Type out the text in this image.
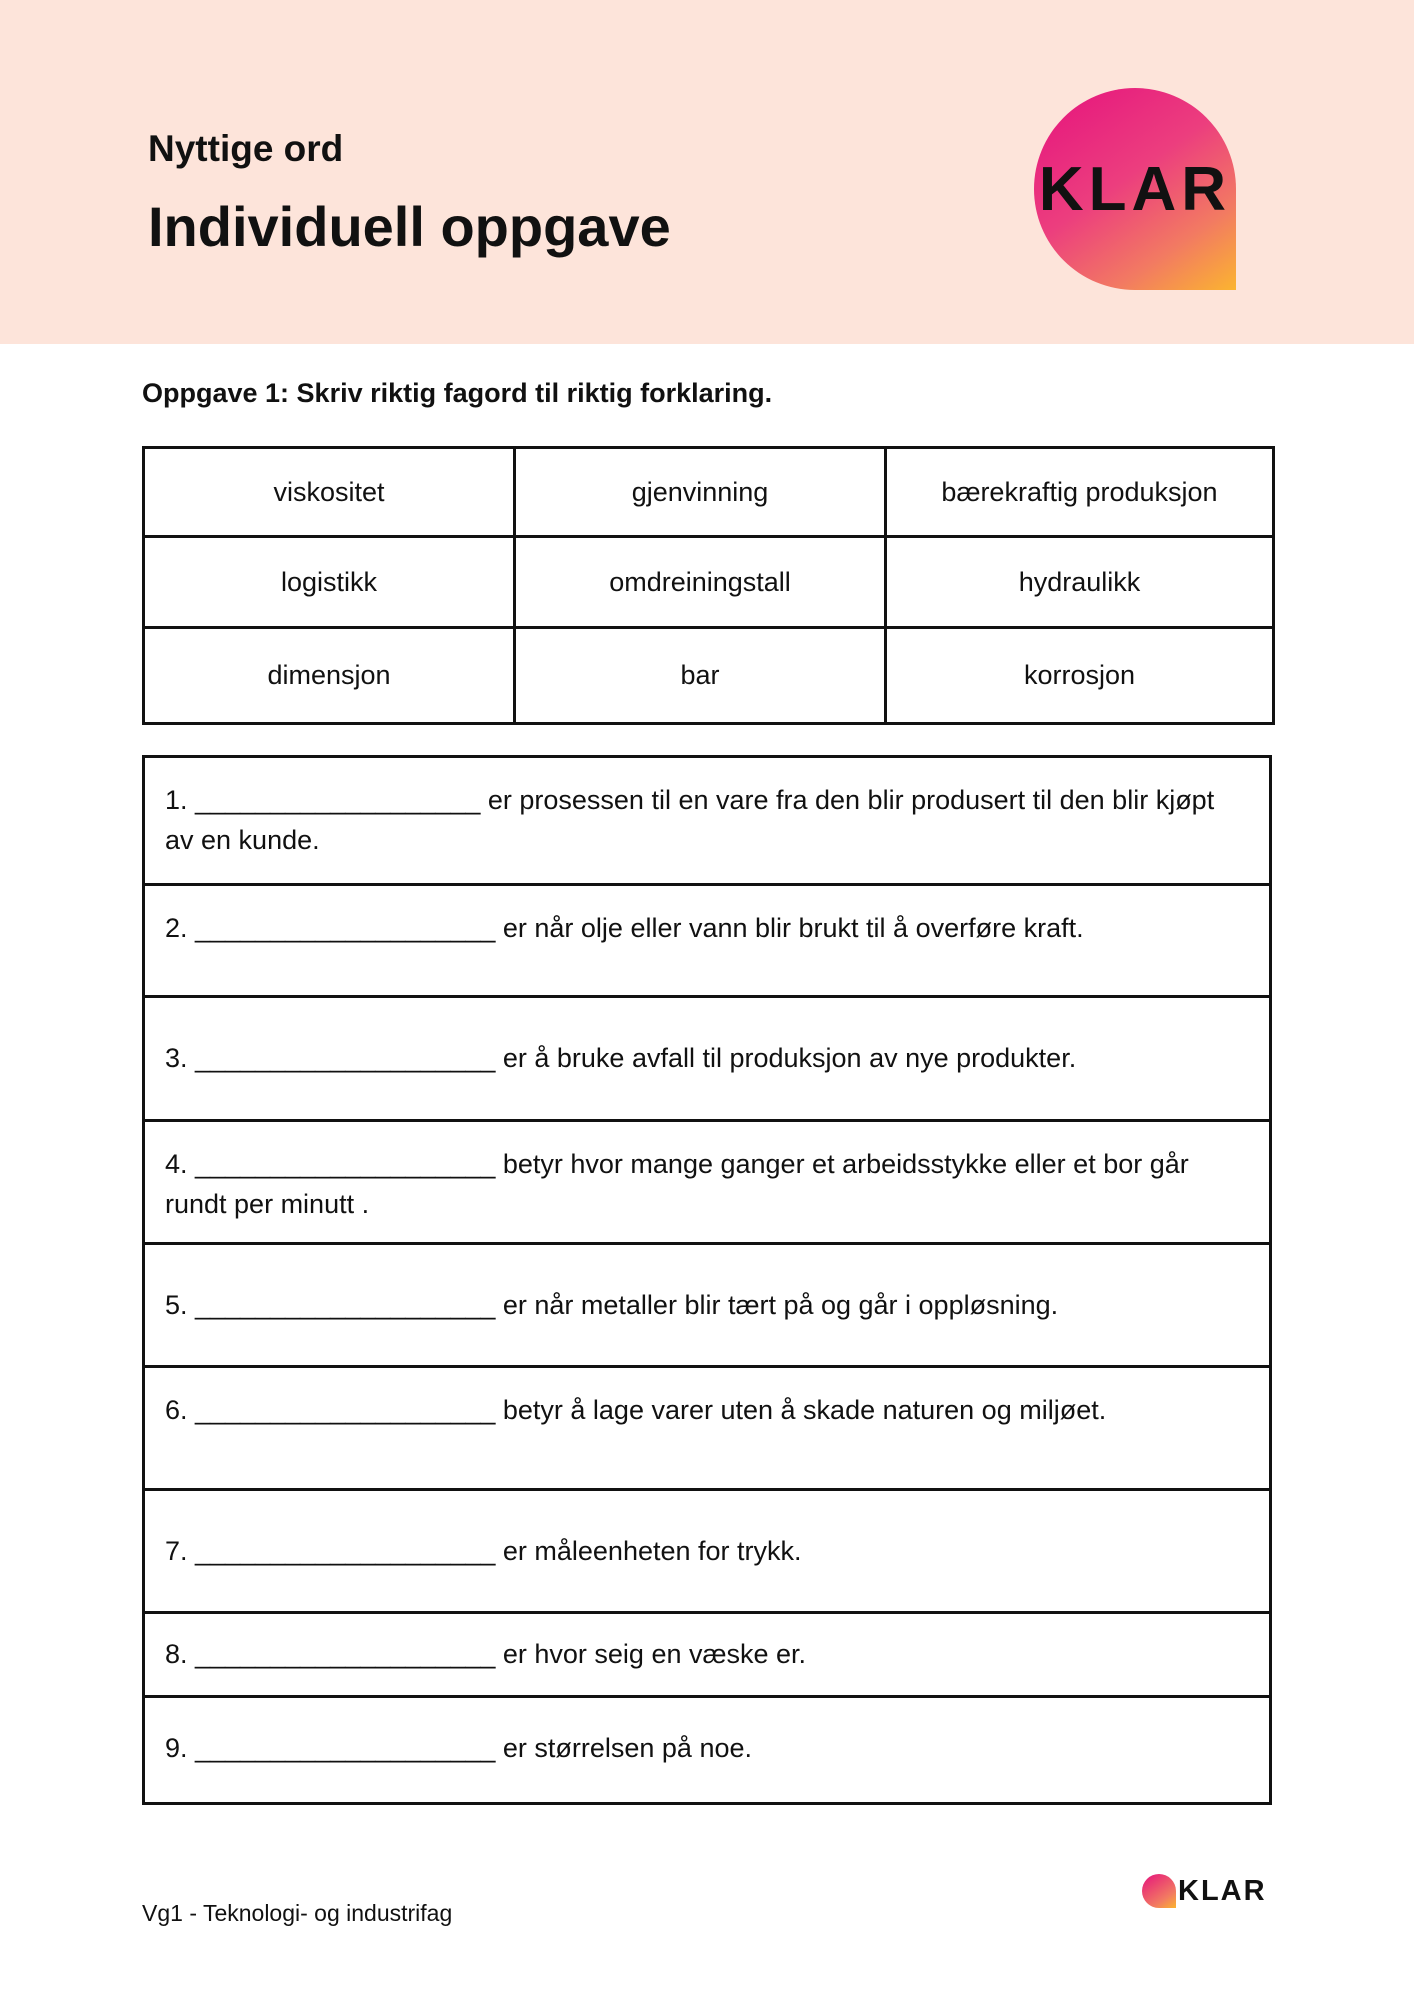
Nyttige ord

Individuell oppgave

KLAR

Oppgave 1: Skriv riktig fagord til riktig forklaring.

viskositet	gjenvinning	bærekraftig produksjon
logistikk	omdreiningstall	hydraulikk
dimensjon	bar	korrosjon
1. ___________________ er prosessen til en vare fra den blir produsert til den blir kjøpt av en kunde.
2. ____________________ er når olje eller vann blir brukt til å overføre kraft.
3. ____________________ er å bruke avfall til produksjon av nye produkter.
4. ____________________ betyr hvor mange ganger et arbeidsstykke eller et bor går rundt per minutt .
5. ____________________ er når metaller blir tært på og går i oppløsning.
6. ____________________ betyr å lage varer uten å skade naturen og miljøet.
7. ____________________ er måleenheten for trykk.
8. ____________________ er hvor seig en væske er.
9. ____________________ er størrelsen på noe.
Vg1 - Teknologi- og industrifag
KLAR
